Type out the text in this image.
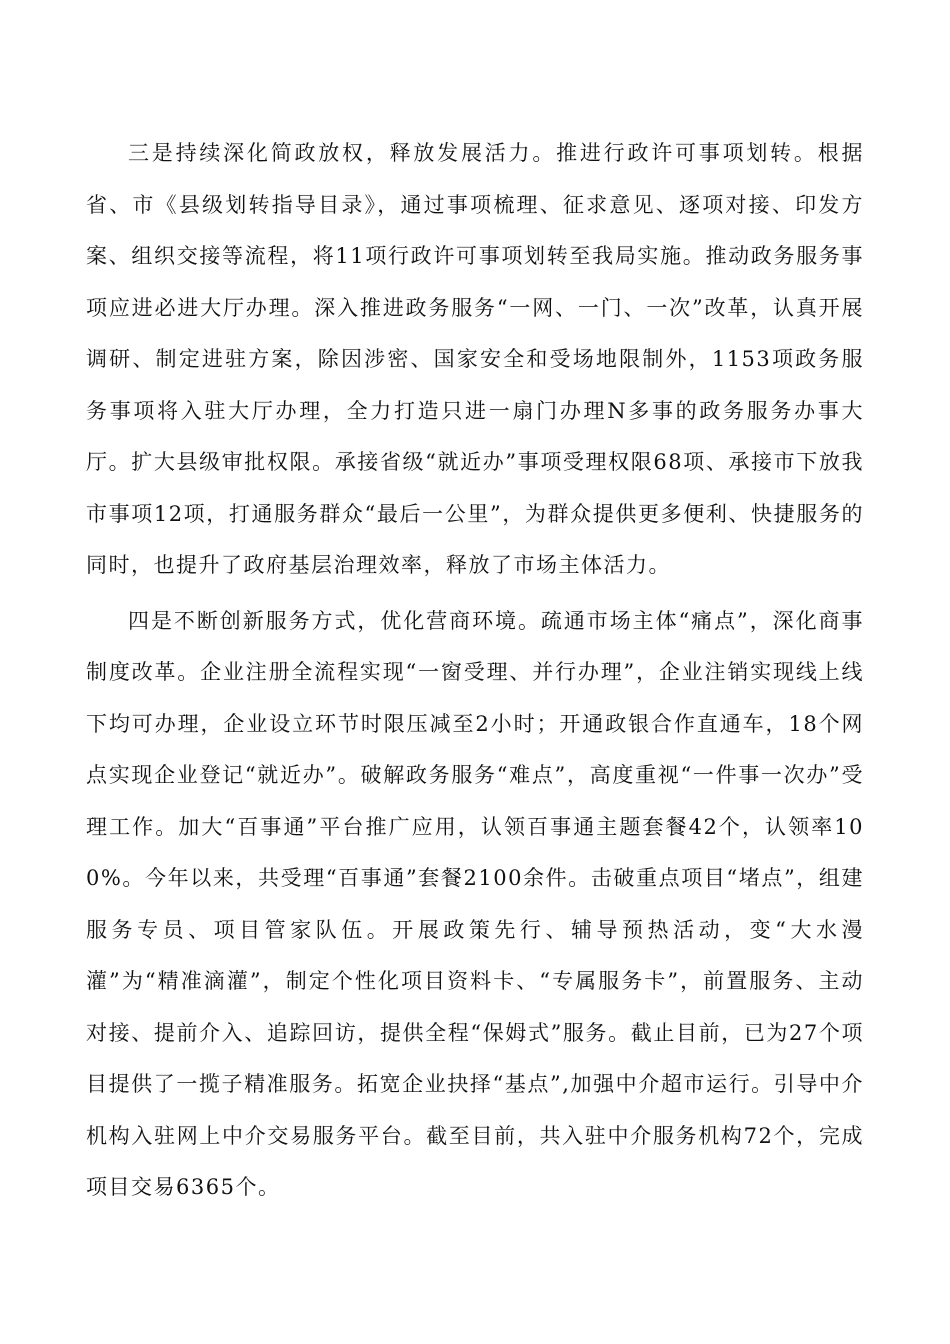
三是持续深化简政放权，释放发展活力。推进行政许可事项划转。根据省、市《县级划转指导目录》，通过事项梳理、征求意见、逐项对接、印发方案、组织交接等流程，将11项行政许可事项划转至我局实施。推动政务服务事项应进必进大厅办理。深入推进政务服务“一网、一门、一次”改革，认真开展调研、制定进驻方案，除因涉密、国家安全和受场地限制外，1153项政务服务事项将入驻大厅办理，全力打造只进一扇门办理N多事的政务服务办事大厅。扩大县级审批权限。承接省级“就近办”事项受理权限68项、承接市下放我市事项12项，打通服务群众“最后一公里”，为群众提供更多便利、快捷服务的同时，也提升了政府基层治理效率，释放了市场主体活力。

四是不断创新服务方式，优化营商环境。疏通市场主体“痛点”，深化商事制度改革。企业注册全流程实现“一窗受理、并行办理”，企业注销实现线上线下均可办理，企业设立环节时限压减至2小时；开通政银合作直通车，18个网点实现企业登记“就近办”。破解政务服务“难点”，高度重视“一件事一次办”受理工作。加大“百事通”平台推广应用，认领百事通主题套餐42个，认领率100%。今年以来，共受理“百事通”套餐2100余件。击破重点项目“堵点”，组建服务专员、项目管家队伍。开展政策先行、辅导预热活动，变“大水漫灌”为“精准滴灌”，制定个性化项目资料卡、“专属服务卡”，前置服务、主动对接、提前介入、追踪回访，提供全程“保姆式”服务。截止目前，已为27个项目提供了一揽子精准服务。拓宽企业抉择“基点”,加强中介超市运行。引导中介机构入驻网上中介交易服务平台。截至目前，共入驻中介服务机构72个，完成项目交易6365个。
